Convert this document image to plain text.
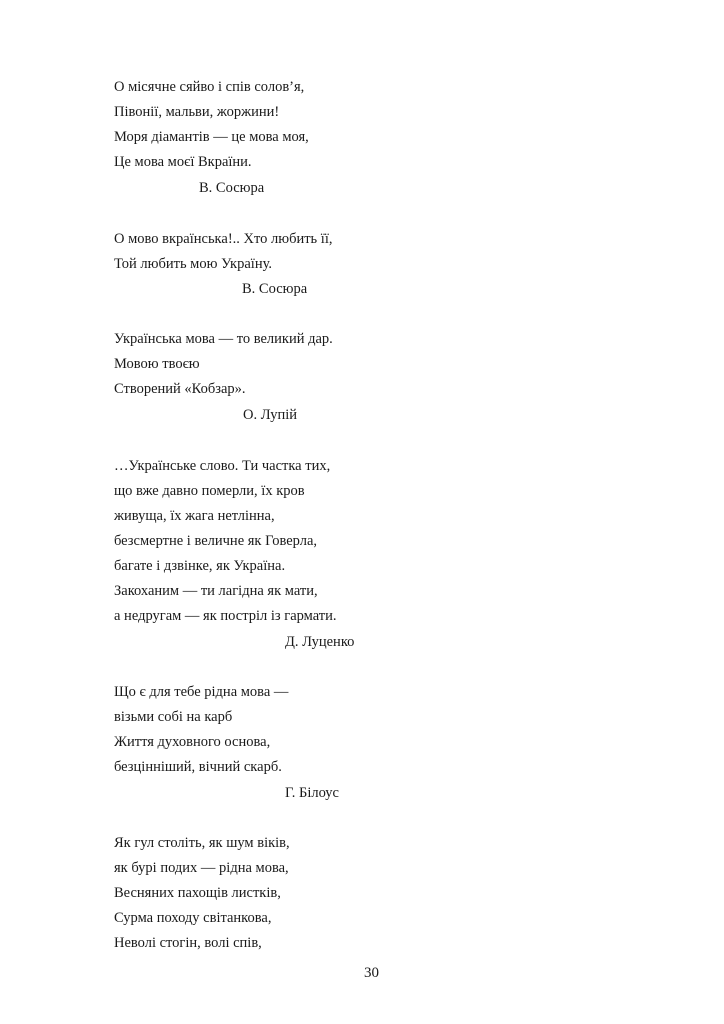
О місячне сяйво і спів солов’я,
Півонії, мальви, жоржини!
Моря діамантів — це мова моя,
Це мова моєї Вкраїни.
В. Сосюра
О мово вкраїнська!.. Хто любить її,
Той любить мою Україну.
В. Сосюра
Українська мова — то великий дар.
Мовою твоєю
Створений «Кобзар».
О. Лупій
…Українське слово. Ти частка тих,
що вже давно померли, їх кров
живуща, їх жага нетлінна,
безсмертне і величне як Говерла,
багате і дзвінке, як Україна.
Закоханим — ти лагідна як мати,
а недругам — як постріл із гармати.
Д. Луценко
Що є для тебе рідна мова —
візьми собі на карб
Життя духовного основа,
безцінніший, вічний скарб.
Г. Білоус
Як гул століть, як шум віків,
як бурі подих — рідна мова,
Весняних пахощів листків,
Сурма походу світанкова,
Неволі стогін, волі спів,
30
